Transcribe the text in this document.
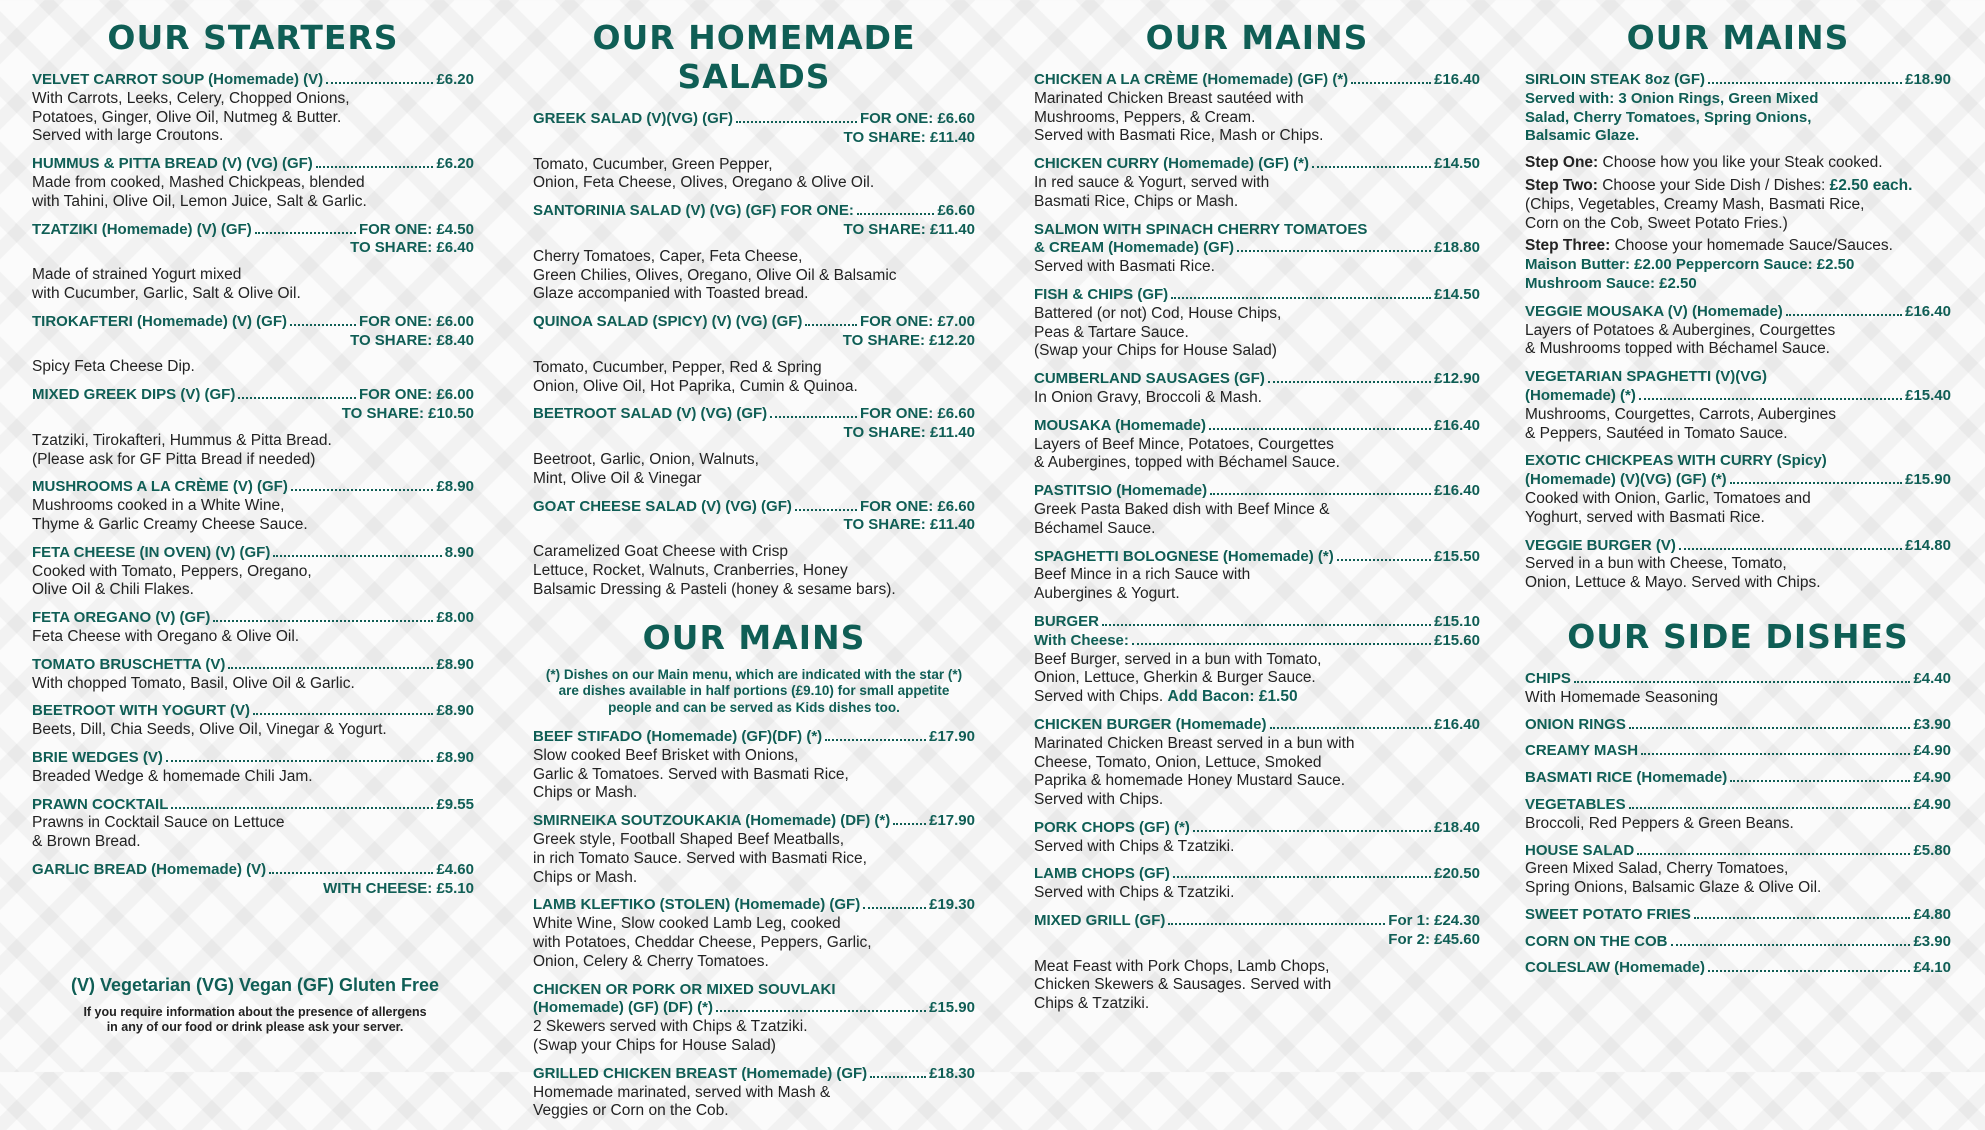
OUR STARTERS
VELVET CARROT SOUP (Homemade) (V)	£6.20
With Carrots, Leeks, Celery, Chopped Onions,
Potatoes, Ginger, Olive Oil, Nutmeg & Butter.
Served with large Croutons.
HUMMUS & PITTA BREAD (V) (VG) (GF)	£6.20
Made from cooked, Mashed Chickpeas, blended
with Tahini, Olive Oil, Lemon Juice, Salt & Garlic.
TZATZIKI (Homemade) (V) (GF)	FOR ONE: £4.50
TO SHARE: £6.40
Made of strained Yogurt mixed
with Cucumber, Garlic, Salt & Olive Oil.
TIROKAFTERI (Homemade) (V) (GF)	FOR ONE: £6.00
TO SHARE: £8.40
Spicy Feta Cheese Dip.
MIXED GREEK DIPS (V) (GF)	FOR ONE: £6.00
TO SHARE: £10.50
Tzatziki, Tirokafteri, Hummus & Pitta Bread.
(Please ask for GF Pitta Bread if needed)
MUSHROOMS A LA CRÈME (V) (GF)	£8.90
Mushrooms cooked in a White Wine,
Thyme & Garlic Creamy Cheese Sauce.
FETA CHEESE (IN OVEN) (V) (GF)	8.90
Cooked with Tomato, Peppers, Oregano,
Olive Oil & Chili Flakes.
FETA OREGANO (V) (GF)	£8.00
Feta Cheese with Oregano & Olive Oil.
TOMATO BRUSCHETTA (V)	£8.90
With chopped Tomato, Basil, Olive Oil & Garlic.
BEETROOT WITH YOGURT (V)	£8.90
Beets, Dill, Chia Seeds, Olive Oil, Vinegar & Yogurt.
BRIE WEDGES (V)	£8.90
Breaded Wedge & homemade Chili Jam.
PRAWN COCKTAIL	£9.55
Prawns in Cocktail Sauce on Lettuce
& Brown Bread.
GARLIC BREAD (Homemade) (V)	£4.60
WITH CHEESE: £5.10
(V) Vegetarian (VG) Vegan (GF) Gluten Free
If you require information about the presence of allergens
in any of our food or drink please ask your server.
OUR HOMEMADE SALADS
GREEK SALAD (V)(VG) (GF)	FOR ONE: £6.60
TO SHARE: £11.40
Tomato, Cucumber, Green Pepper,
Onion, Feta Cheese, Olives, Oregano & Olive Oil.
SANTORINIA SALAD (V) (VG) (GF) FOR ONE:	£6.60
TO SHARE: £11.40
Cherry Tomatoes, Caper, Feta Cheese,
Green Chilies, Olives, Oregano, Olive Oil & Balsamic
Glaze accompanied with Toasted bread.
QUINOA SALAD (SPICY) (V) (VG) (GF)	FOR ONE: £7.00
TO SHARE: £12.20
Tomato, Cucumber, Pepper, Red & Spring
Onion, Olive Oil, Hot Paprika, Cumin & Quinoa.
BEETROOT SALAD (V) (VG) (GF)	FOR ONE: £6.60
TO SHARE: £11.40
Beetroot, Garlic, Onion, Walnuts,
Mint, Olive Oil & Vinegar
GOAT CHEESE SALAD (V) (VG) (GF)	FOR ONE: £6.60
TO SHARE: £11.40
Caramelized Goat Cheese with Crisp
Lettuce, Rocket, Walnuts, Cranberries, Honey
Balsamic Dressing & Pasteli (honey & sesame bars).
OUR MAINS
(*) Dishes on our Main menu, which are indicated with the star (*) are dishes available in half portions (£9.10) for small appetite people and can be served as Kids dishes too.
BEEF STIFADO (Homemade) (GF)(DF) (*)	£17.90
Slow cooked Beef Brisket with Onions,
Garlic & Tomatoes. Served with Basmati Rice,
Chips or Mash.
SMIRNEIKA SOUTZOUKAKIA (Homemade) (DF) (*)	£17.90
Greek style, Football Shaped Beef Meatballs,
in rich Tomato Sauce. Served with Basmati Rice,
Chips or Mash.
LAMB KLEFTIKO (STOLEN) (Homemade) (GF)	£19.30
White Wine, Slow cooked Lamb Leg, cooked
with Potatoes, Cheddar Cheese, Peppers, Garlic,
Onion, Celery & Cherry Tomatoes.
CHICKEN OR PORK OR MIXED SOUVLAKI
(Homemade) (GF) (DF) (*)	£15.90
2 Skewers served with Chips & Tzatziki.
(Swap your Chips for House Salad)
GRILLED CHICKEN BREAST (Homemade) (GF)	£18.30
Homemade marinated, served with Mash &
Veggies or Corn on the Cob.
OUR MAINS
CHICKEN A LA CRÈME (Homemade) (GF) (*)	£16.40
Marinated Chicken Breast sautéed with
Mushrooms, Peppers, & Cream.
Served with Basmati Rice, Mash or Chips.
CHICKEN CURRY (Homemade) (GF) (*)	£14.50
In red sauce & Yogurt, served with
Basmati Rice, Chips or Mash.
SALMON WITH SPINACH CHERRY TOMATOES
& CREAM (Homemade) (GF)	£18.80
Served with Basmati Rice.
FISH & CHIPS (GF)	£14.50
Battered (or not) Cod, House Chips,
Peas & Tartare Sauce.
(Swap your Chips for House Salad)
CUMBERLAND SAUSAGES (GF)	£12.90
In Onion Gravy, Broccoli & Mash.
MOUSAKA (Homemade)	£16.40
Layers of Beef Mince, Potatoes, Courgettes
& Aubergines, topped with Béchamel Sauce.
PASTITSIO (Homemade)	£16.40
Greek Pasta Baked dish with Beef Mince &
Béchamel Sauce.
SPAGHETTI BOLOGNESE (Homemade) (*)	£15.50
Beef Mince in a rich Sauce with
Aubergines & Yogurt.
BURGER	£15.10
With Cheese:	£15.60
Beef Burger, served in a bun with Tomato,
Onion, Lettuce, Gherkin & Burger Sauce.
Served with Chips. Add Bacon: £1.50
CHICKEN BURGER (Homemade)	£16.40
Marinated Chicken Breast served in a bun with
Cheese, Tomato, Onion, Lettuce, Smoked
Paprika & homemade Honey Mustard Sauce.
Served with Chips.
PORK CHOPS (GF) (*)	£18.40
Served with Chips & Tzatziki.
LAMB CHOPS (GF)	£20.50
Served with Chips & Tzatziki.
MIXED GRILL (GF)	For 1: £24.30
For 2: £45.60
Meat Feast with Pork Chops, Lamb Chops,
Chicken Skewers & Sausages. Served with
Chips & Tzatziki.
OUR MAINS
SIRLOIN STEAK 8oz (GF)	£18.90
Served with: 3 Onion Rings, Green Mixed
Salad, Cherry Tomatoes, Spring Onions,
Balsamic Glaze.
Step One: Choose how you like your Steak cooked.
Step Two: Choose your Side Dish / Dishes: £2.50 each.
(Chips, Vegetables, Creamy Mash, Basmati Rice,
Corn on the Cob, Sweet Potato Fries.)
Step Three: Choose your homemade Sauce/Sauces.
Maison Butter: £2.00 Peppercorn Sauce: £2.50
Mushroom Sauce: £2.50
VEGGIE MOUSAKA (V) (Homemade)	£16.40
Layers of Potatoes & Aubergines, Courgettes
& Mushrooms topped with Béchamel Sauce.
VEGETARIAN SPAGHETTI (V)(VG)
(Homemade) (*)	£15.40
Mushrooms, Courgettes, Carrots, Aubergines
& Peppers, Sautéed in Tomato Sauce.
EXOTIC CHICKPEAS WITH CURRY (Spicy)
(Homemade) (V)(VG) (GF) (*)	£15.90
Cooked with Onion, Garlic, Tomatoes and
Yoghurt, served with Basmati Rice.
VEGGIE BURGER (V)	£14.80
Served in a bun with Cheese, Tomato,
Onion, Lettuce & Mayo. Served with Chips.
OUR SIDE DISHES
CHIPS	£4.40
With Homemade Seasoning
ONION RINGS	£3.90
CREAMY MASH	£4.90
BASMATI RICE (Homemade)	£4.90
VEGETABLES	£4.90
Broccoli, Red Peppers & Green Beans.
HOUSE SALAD	£5.80
Green Mixed Salad, Cherry Tomatoes,
Spring Onions, Balsamic Glaze & Olive Oil.
SWEET POTATO FRIES	£4.80
CORN ON THE COB	£3.90
COLESLAW (Homemade)	£4.10
